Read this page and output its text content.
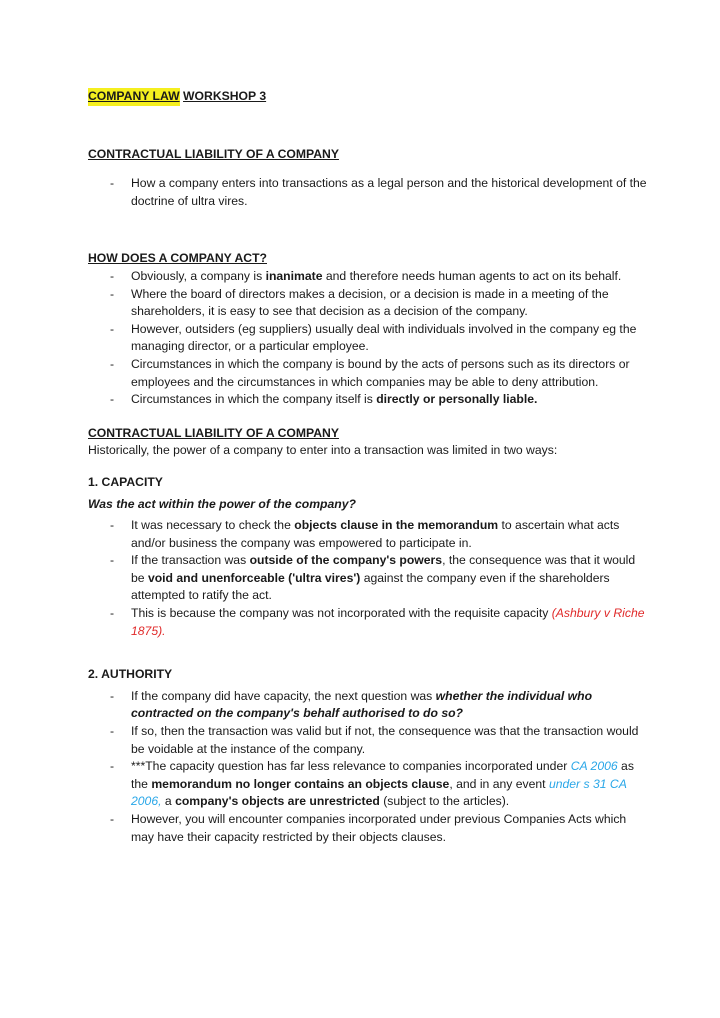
COMPANY LAW WORKSHOP 3
CONTRACTUAL LIABILITY OF A COMPANY
- How a company enters into transactions as a legal person and the historical development of the doctrine of ultra vires.
HOW DOES A COMPANY ACT?
- Obviously, a company is inanimate and therefore needs human agents to act on its behalf.
- Where the board of directors makes a decision, or a decision is made in a meeting of the shareholders, it is easy to see that decision as a decision of the company.
- However, outsiders (eg suppliers) usually deal with individuals involved in the company eg the managing director, or a particular employee.
- Circumstances in which the company is bound by the acts of persons such as its directors or employees and the circumstances in which companies may be able to deny attribution.
- Circumstances in which the company itself is directly or personally liable.
CONTRACTUAL LIABILITY OF A COMPANY
Historically, the power of a company to enter into a transaction was limited in two ways:
1. CAPACITY
Was the act within the power of the company?
- It was necessary to check the objects clause in the memorandum to ascertain what acts and/or business the company was empowered to participate in.
- If the transaction was outside of the company's powers, the consequence was that it would be void and unenforceable ('ultra vires') against the company even if the shareholders attempted to ratify the act.
- This is because the company was not incorporated with the requisite capacity (Ashbury v Riche 1875).
2. AUTHORITY
- If the company did have capacity, the next question was whether the individual who contracted on the company's behalf authorised to do so?
- If so, then the transaction was valid but if not, the consequence was that the transaction would be voidable at the instance of the company.
- ***The capacity question has far less relevance to companies incorporated under CA 2006 as the memorandum no longer contains an objects clause, and in any event under s 31 CA 2006, a company's objects are unrestricted (subject to the articles).
- However, you will encounter companies incorporated under previous Companies Acts which may have their capacity restricted by their objects clauses.
